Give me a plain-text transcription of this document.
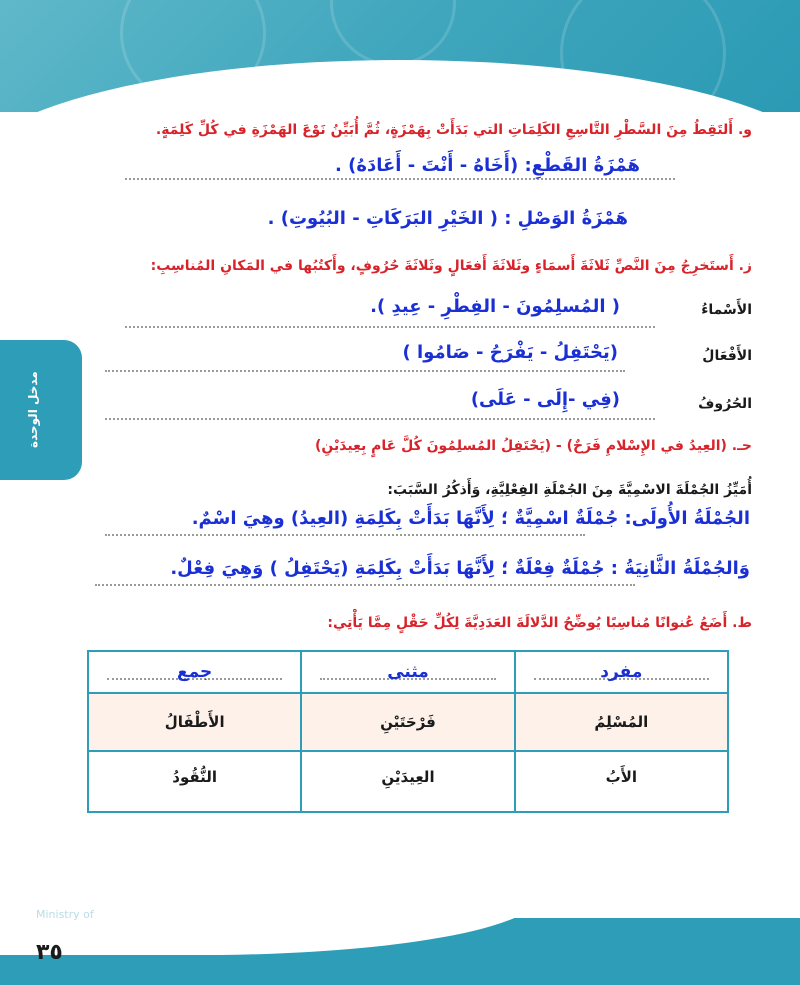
مدخل الوحدة
و. أَلتَقِطُ مِنَ السَّطْرِ التَّاسِعِ الكَلِمَاتِ التي بَدَأَتْ بِهَمْزَةٍ، ثُمَّ أُبَيِّنُ نَوْعَ الهَمْزَةِ في كُلِّ كَلِمَةٍ.
هَمْزَةُ القَطْعِ: (أَخَاهُ - أَنْتَ - أَعَادَهُ) .
هَمْزَةُ الوَصْلِ : ( الخَيْرِ البَرَكَاتِ - البُيُوتِ) .
ز. أَستَخرِجُ مِنَ النَّصِّ ثَلاثَةَ أَسمَاءٍ وثَلاثَةَ أَفعَالٍ وثَلاثَةَ حُرُوفٍ، وأَكتُبُها في المَكانِ المُناسِبِ:
الأَسْماءُ
( المُسلِمُونَ - الفِطْرِ - عِيدِ ).
الأَفْعَالُ
(يَحْتَفِلُ - يَفْرَحُ - صَامُوا )
الحُرُوفُ
(فِي -إِلَى - عَلَى)
حـ. (العِيدُ في الإِسْلامِ فَرَحٌ) - (يَحْتَفِلُ المُسلِمُونَ كُلَّ عَامٍ بِعِيدَيْنِ)
أُمَيِّزُ الجُمْلَةَ الاسْمِيَّةَ مِنَ الجُمْلَةِ الفِعْلِيَّةِ، وَأَذكُرُ السَّبَبَ:
الجُمْلَةُ الأُولَى: جُمْلَةٌ اسْمِيَّةٌ ؛ لِأَنَّهَا بَدَأَتْ بِكَلِمَةِ (العِيدُ) وهِيَ اسْمٌ.
وَالجُمْلَةُ الثَّانِيَةُ : جُمْلَةٌ فِعْلَةٌ ؛ لِأَنَّهَا بَدَأَتْ بِكَلِمَةِ (يَحْتَفِلُ ) وَهِيَ فِعْلٌ.
ط. أَضَعُ عُنوانًا مُناسِبًا يُوضِّحُ الدَّلالَةَ العَدَدِيَّةَ لِكُلِّ حَقْلٍ مِمَّا يَأْتِي:
مفرد
مثنى
جمع
المُسْلِمُ
فَرْحَتَيْنِ
الأَطْفَالُ
الأَبُ
العِيدَيْنِ
النُّقُودُ
Ministry of
٣٥
